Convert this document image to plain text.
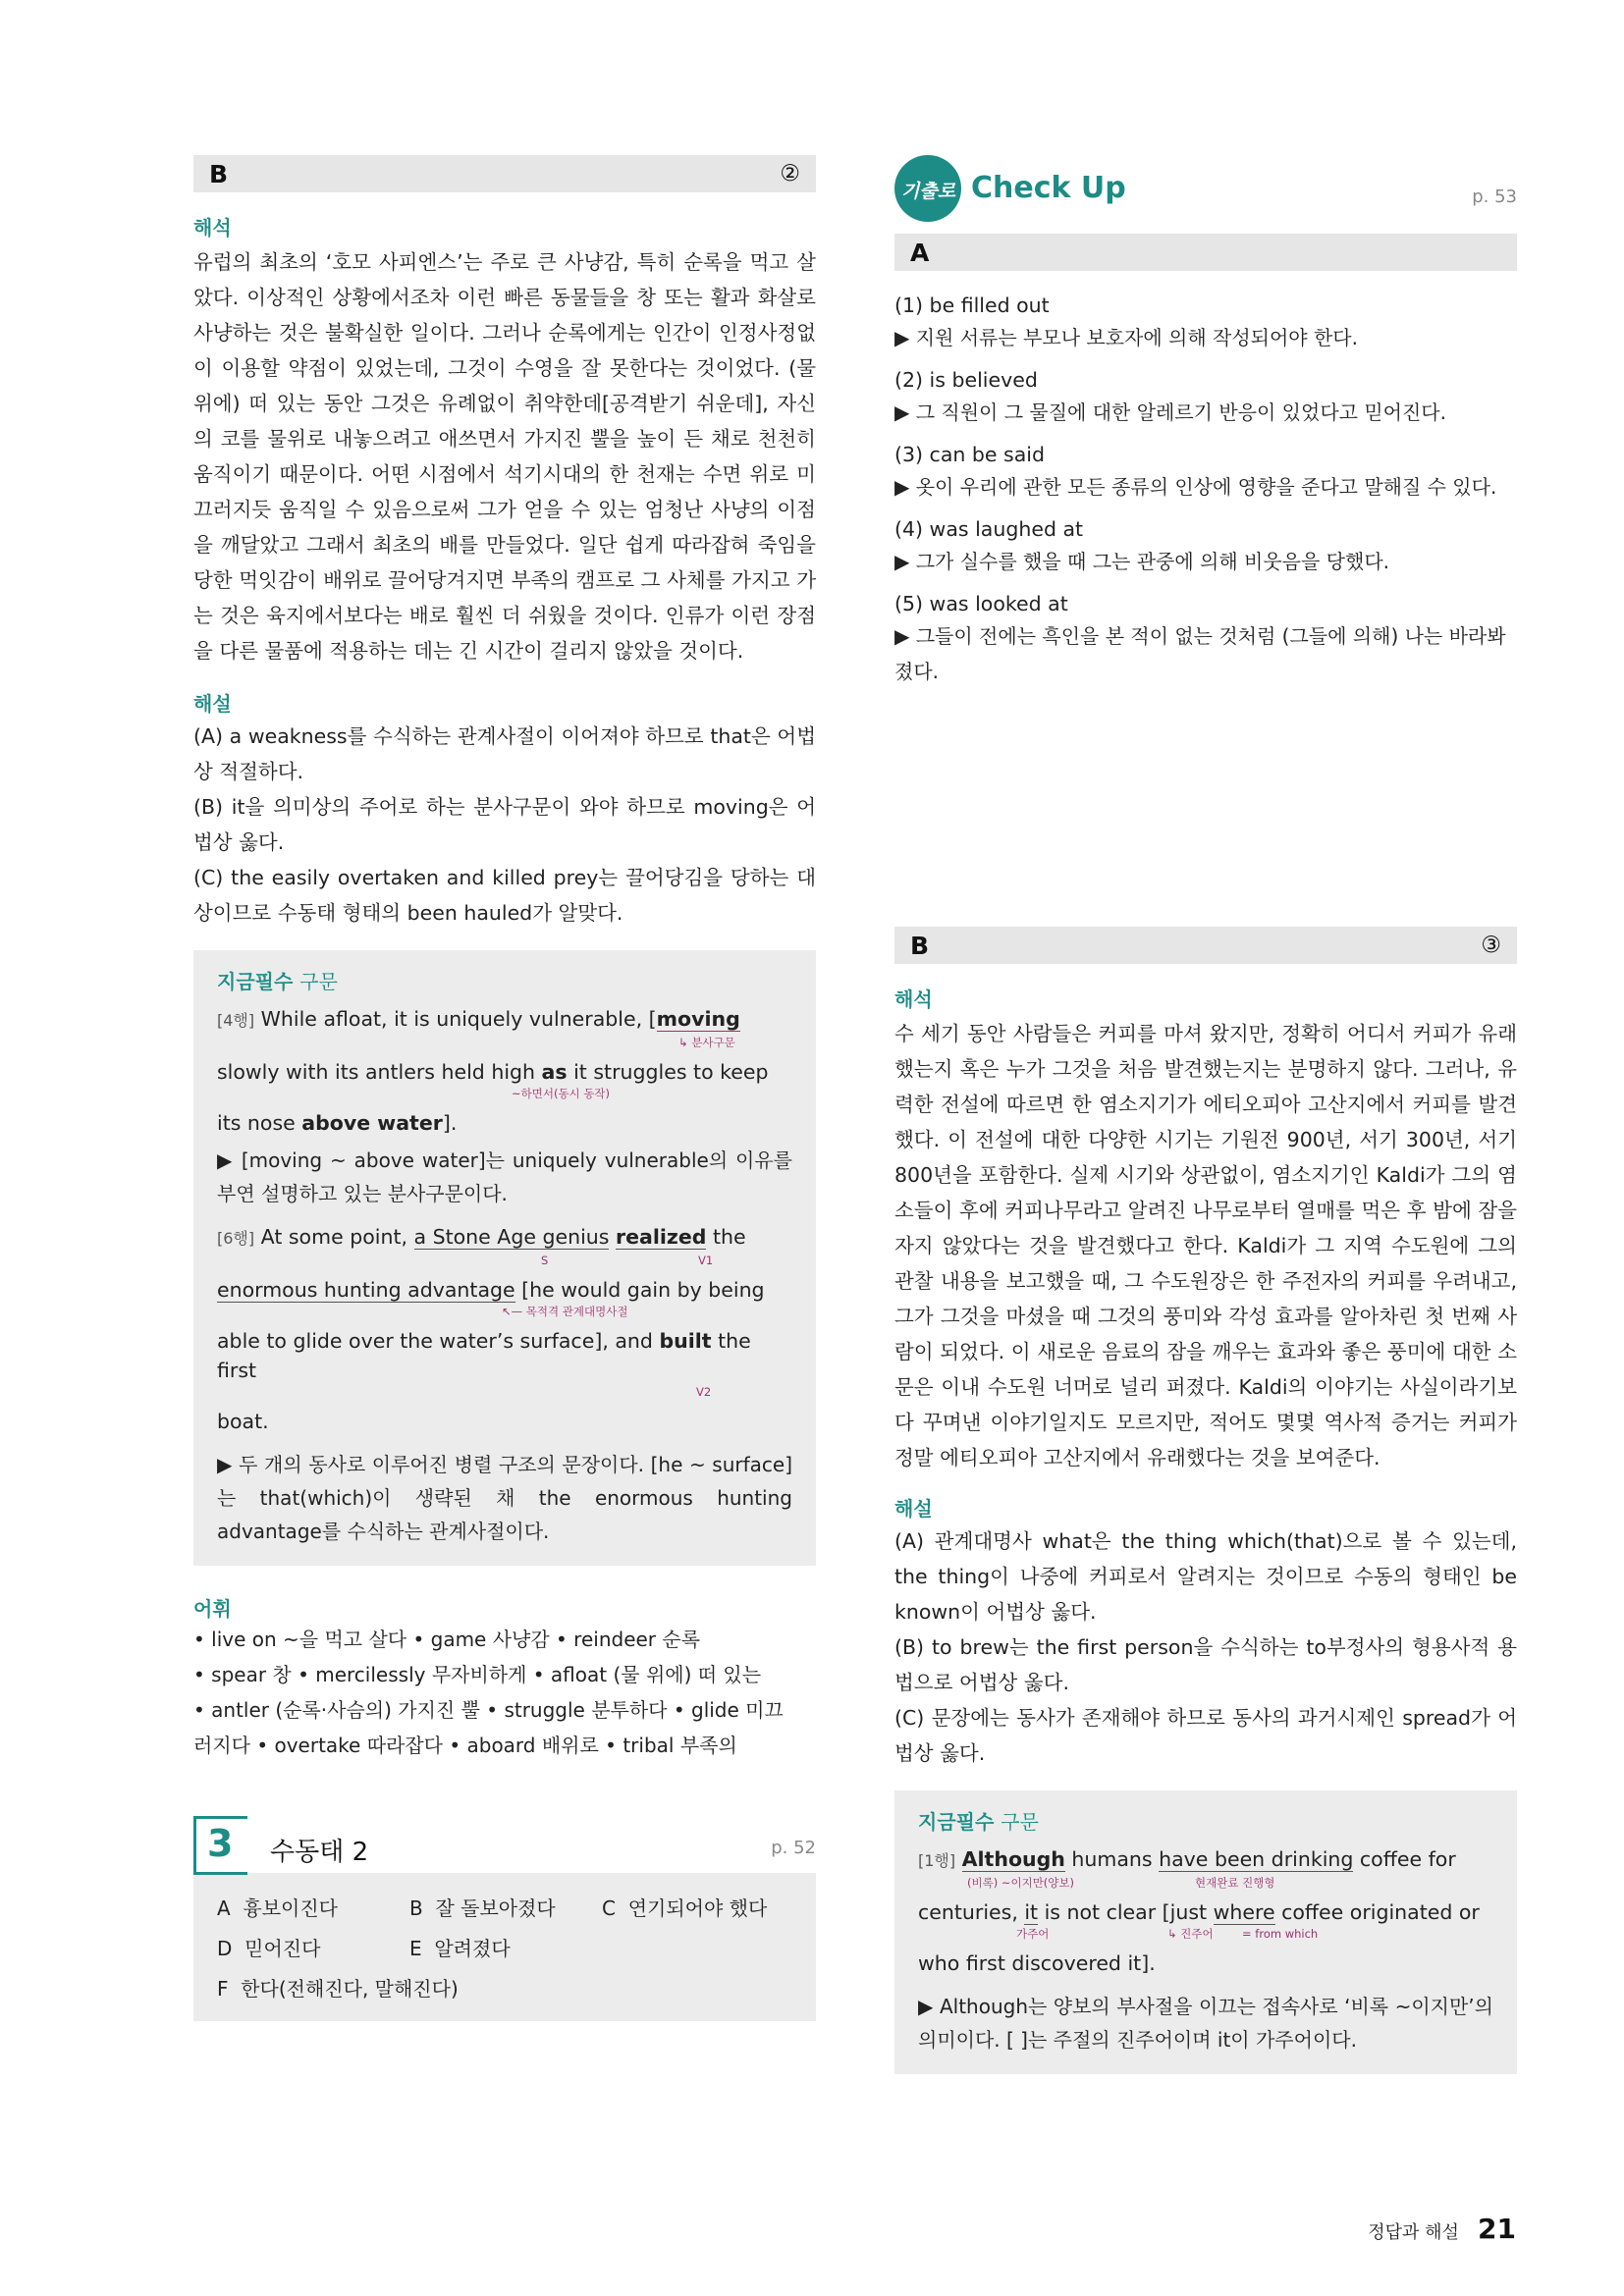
B	②
해석
유럽의 최초의 ‘호모 사피엔스’는 주로 큰 사냥감, 특히 순록을 먹고 살았다. 이상적인 상황에서조차 이런 빠른 동물들을 창 또는 활과 화살로 사냥하는 것은 불확실한 일이다. 그러나 순록에게는 인간이 인정사정없이 이용할 약점이 있었는데, 그것이 수영을 잘 못한다는 것이었다. (물위에) 떠 있는 동안 그것은 유례없이 취약한데[공격받기 쉬운데], 자신의 코를 물위로 내놓으려고 애쓰면서 가지진 뿔을 높이 든 채로 천천히 움직이기 때문이다. 어떤 시점에서 석기시대의 한 천재는 수면 위로 미끄러지듯 움직일 수 있음으로써 그가 얻을 수 있는 엄청난 사냥의 이점을 깨달았고 그래서 최초의 배를 만들었다. 일단 쉽게 따라잡혀 죽임을 당한 먹잇감이 배위로 끌어당겨지면 부족의 캠프로 그 사체를 가지고 가는 것은 육지에서보다는 배로 훨씬 더 쉬웠을 것이다. 인류가 이런 장점을 다른 물품에 적용하는 데는 긴 시간이 걸리지 않았을 것이다.
해설
(A) a weakness를 수식하는 관계사절이 이어져야 하므로 that은 어법상 적절하다.
(B) it을 의미상의 주어로 하는 분사구문이 와야 하므로 moving은 어법상 옳다.
(C) the easily overtaken and killed prey는 끌어당김을 당하는 대상이므로 수동태 형태의 been hauled가 알맞다.
지금필수 구문
[4행] While afloat, it is uniquely vulnerable, [moving
↳ 분사구문
slowly with its antlers held high as it struggles to keep
~하면서(동시 동작)
its nose above water].
▶ [moving ~ above water]는 uniquely vulnerable의 이유를 부연 설명하고 있는 분사구문이다.
[6행] At some point, a Stone Age genius realized the
S	V1
enormous hunting advantage [he would gain by being
↖— 목적격 관계대명사절
able to glide over the water’s surface], and built the first
V2
boat.
▶ 두 개의 동사로 이루어진 병렬 구조의 문장이다. [he ~ surface]는 that(which)이 생략된 채 the enormous hunting advantage를 수식하는 관계사절이다.
어휘
• live on ~을 먹고 살다 • game 사냥감 • reindeer 순록
• spear 창 • mercilessly 무자비하게 • afloat (물 위에) 떠 있는
• antler (순록·사슴의) 가지진 뿔 • struggle 분투하다 • glide 미끄
러지다 • overtake 따라잡다 • aboard 배위로 • tribal 부족의
3 수동태 2	p. 52
A 흉보이진다	B 잘 돌보아졌다	C 연기되어야 했다
D 믿어진다	E 알려졌다	
F 한다(전해진다, 말해진다)		
기출로 Check Up	p. 53
A
(1) be filled out
▶ 지원 서류는 부모나 보호자에 의해 작성되어야 한다.
(2) is believed
▶ 그 직원이 그 물질에 대한 알레르기 반응이 있었다고 믿어진다.
(3) can be said
▶ 옷이 우리에 관한 모든 종류의 인상에 영향을 준다고 말해질 수 있다.
(4) was laughed at
▶ 그가 실수를 했을 때 그는 관중에 의해 비웃음을 당했다.
(5) was looked at
▶ 그들이 전에는 흑인을 본 적이 없는 것처럼 (그들에 의해) 나는 바라봐졌다.
B	③
해석
수 세기 동안 사람들은 커피를 마셔 왔지만, 정확히 어디서 커피가 유래했는지 혹은 누가 그것을 처음 발견했는지는 분명하지 않다. 그러나, 유력한 전설에 따르면 한 염소지기가 에티오피아 고산지에서 커피를 발견했다. 이 전설에 대한 다양한 시기는 기원전 900년, 서기 300년, 서기 800년을 포함한다. 실제 시기와 상관없이, 염소지기인 Kaldi가 그의 염소들이 후에 커피나무라고 알려진 나무로부터 열매를 먹은 후 밤에 잠을 자지 않았다는 것을 발견했다고 한다. Kaldi가 그 지역 수도원에 그의 관찰 내용을 보고했을 때, 그 수도원장은 한 주전자의 커피를 우려내고, 그가 그것을 마셨을 때 그것의 풍미와 각성 효과를 알아차린 첫 번째 사람이 되었다. 이 새로운 음료의 잠을 깨우는 효과와 좋은 풍미에 대한 소문은 이내 수도원 너머로 널리 퍼졌다. Kaldi의 이야기는 사실이라기보다 꾸며낸 이야기일지도 모르지만, 적어도 몇몇 역사적 증거는 커피가 정말 에티오피아 고산지에서 유래했다는 것을 보여준다.
해설
(A) 관계대명사 what은 the thing which(that)으로 볼 수 있는데, the thing이 나중에 커피로서 알려지는 것이므로 수동의 형태인 be known이 어법상 옳다.
(B) to brew는 the first person을 수식하는 to부정사의 형용사적 용법으로 어법상 옳다.
(C) 문장에는 동사가 존재해야 하므로 동사의 과거시제인 spread가 어법상 옳다.
지금필수 구문
[1행] Although humans have been drinking coffee for
(비록) ~이지만(양보)	현재완료 진행형
centuries, it is not clear [just where coffee originated or
가주어	↳ 진주어	= from which
who first discovered it].
▶ Although는 양보의 부사절을 이끄는 접속사로 ‘비록 ~이지만’의 의미이다. [ ]는 주절의 진주어이며 it이 가주어이다.
정답과 해설 21
